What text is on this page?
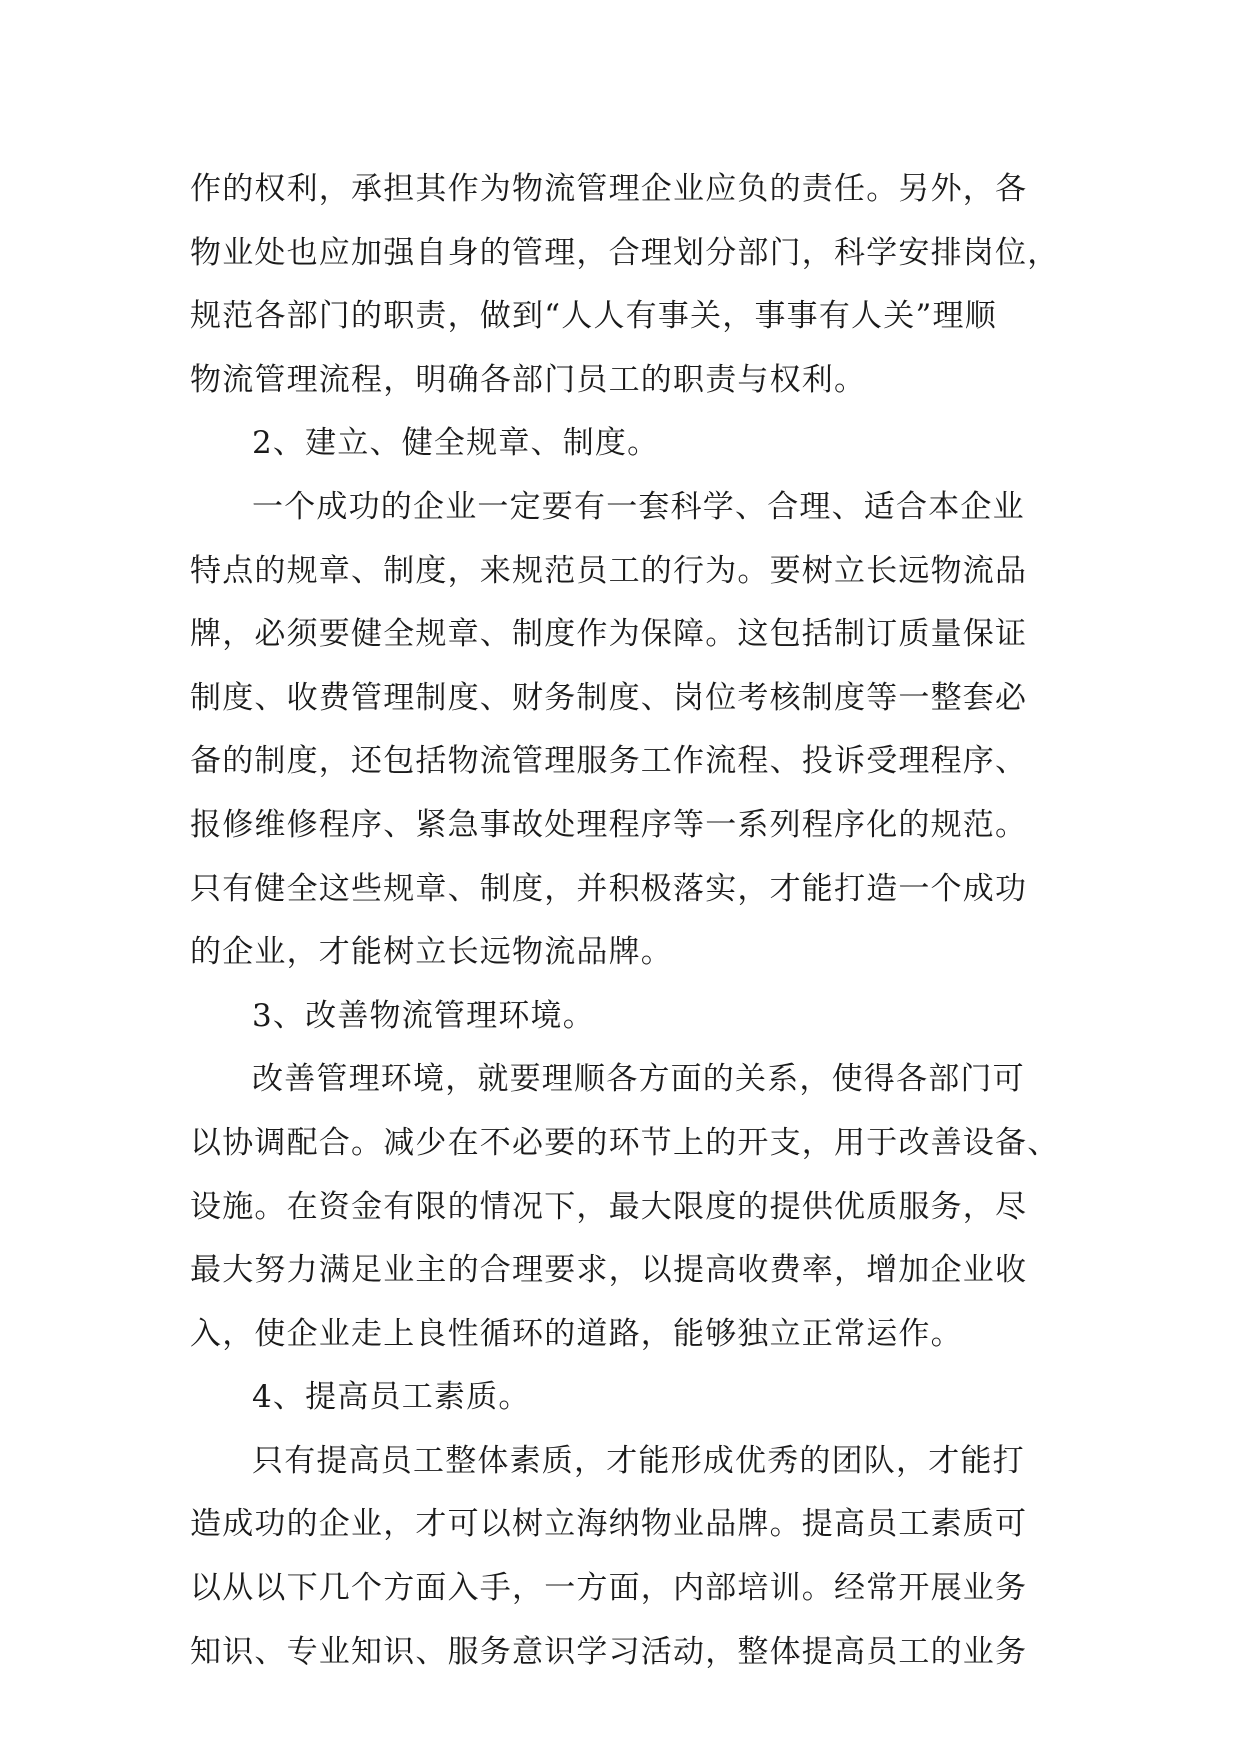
作的权利，承担其作为物流管理企业应负的责任。另外，各
物业处也应加强自身的管理，合理划分部门，科学安排岗位，
规范各部门的职责，做到“人人有事关，事事有人关”理顺
物流管理流程，明确各部门员工的职责与权利。
2、建立、健全规章、制度。
一个成功的企业一定要有一套科学、合理、适合本企业
特点的规章、制度，来规范员工的行为。要树立长远物流品
牌，必须要健全规章、制度作为保障。这包括制订质量保证
制度、收费管理制度、财务制度、岗位考核制度等一整套必
备的制度，还包括物流管理服务工作流程、投诉受理程序、
报修维修程序、紧急事故处理程序等一系列程序化的规范。
只有健全这些规章、制度，并积极落实，才能打造一个成功
的企业，才能树立长远物流品牌。
3、改善物流管理环境。
改善管理环境，就要理顺各方面的关系，使得各部门可
以协调配合。减少在不必要的环节上的开支，用于改善设备、
设施。在资金有限的情况下，最大限度的提供优质服务，尽
最大努力满足业主的合理要求，以提高收费率，增加企业收
入，使企业走上良性循环的道路，能够独立正常运作。
4、提高员工素质。
只有提高员工整体素质，才能形成优秀的团队，才能打
造成功的企业，才可以树立海纳物业品牌。提高员工素质可
以从以下几个方面入手，一方面，内部培训。经常开展业务
知识、专业知识、服务意识学习活动，整体提高员工的业务
